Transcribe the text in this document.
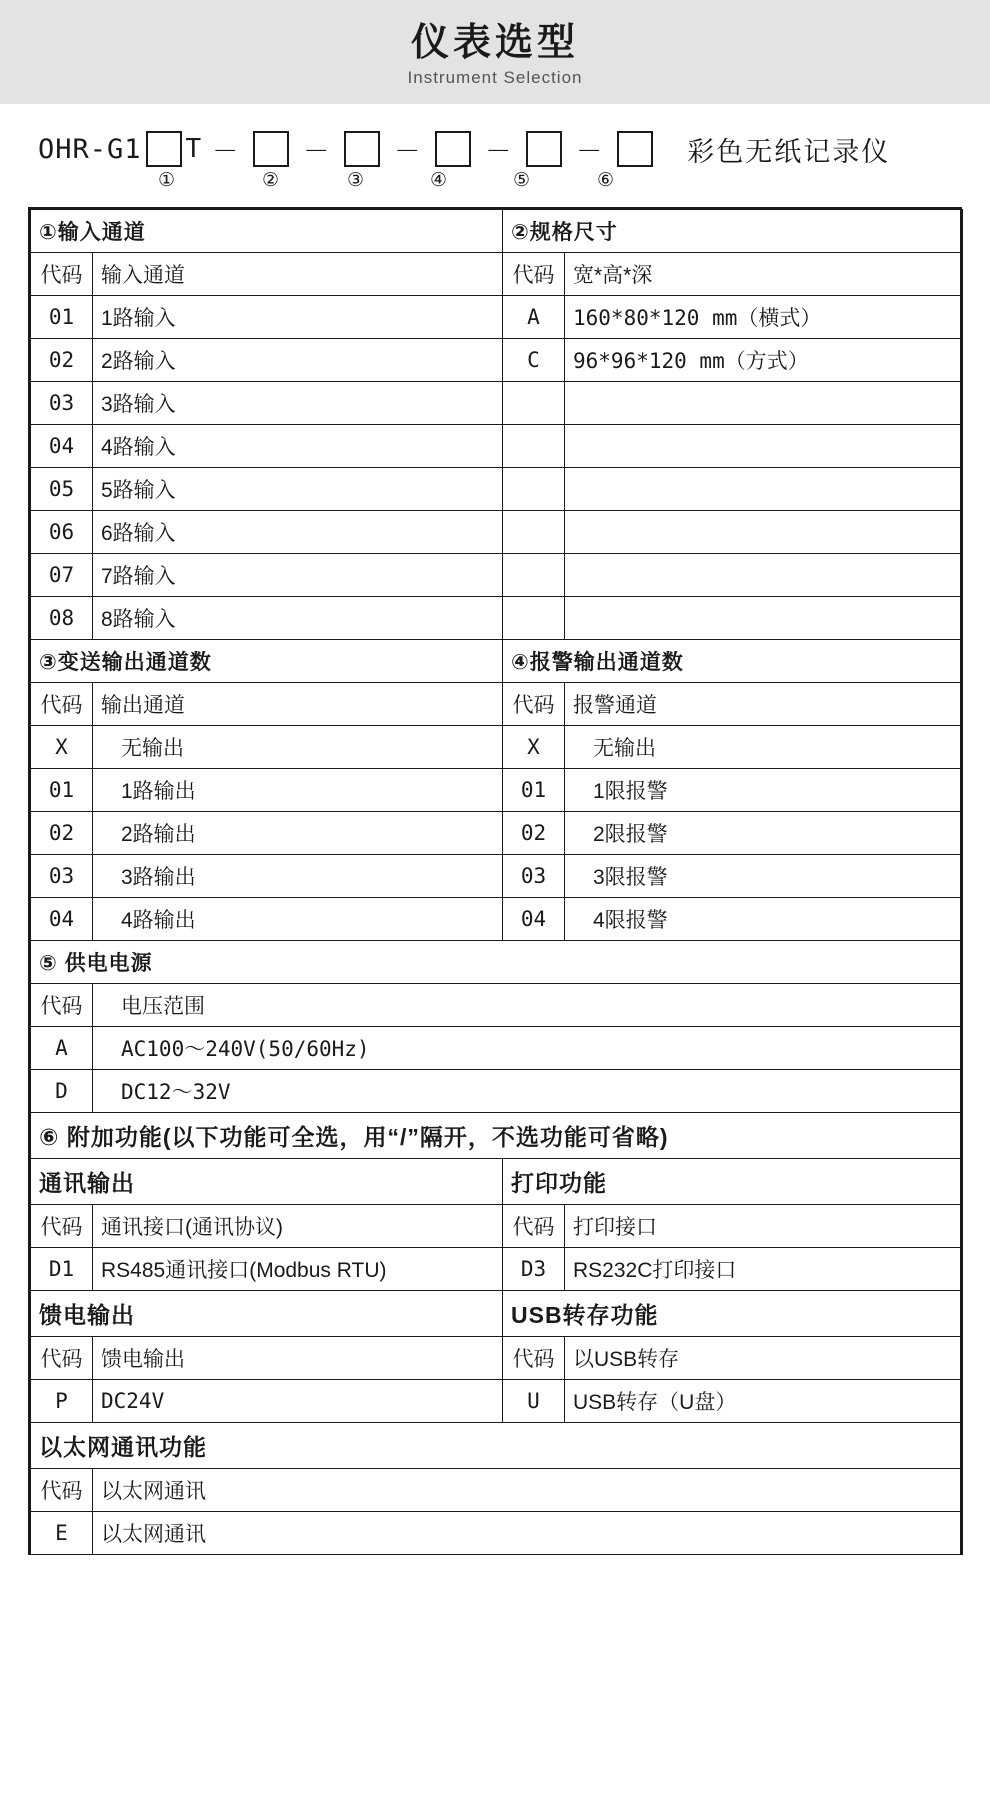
仪表选型
Instrument Selection
OHR-G1 T － － － － －	彩色无纸记录仪
①	②	③	④	⑤	⑥
①输入通道		②规格尺寸	
代码	输入通道	代码	宽*高*深
01	1路输入	A	160*80*120 mm（横式）
02	2路输入	C	96*96*120 mm（方式）
03	3路输入		
04	4路输入		
05	5路输入		
06	6路输入		
07	7路输入		
08	8路输入		
③变送输出通道数		④报警输出通道数	
代码	输出通道	代码	报警通道
X	无输出	X	无输出
01	1路输出	01	1限报警
02	2路输出	02	2限报警
03	3路输出	03	3限报警
04	4路输出	04	4限报警
⑤ 供电电源			
代码	电压范围		
A	AC100～240V(50/60Hz)		
D	DC12～32V		
⑥ 附加功能(以下功能可全选，用“/”隔开，不选功能可省略)			
通讯输出		打印功能	
代码	通讯接口(通讯协议)	代码	打印接口
D1	RS485通讯接口(Modbus RTU)	D3	RS232C打印接口
馈电输出		USB转存功能	
代码	馈电输出	代码	以USB转存
P	DC24V	U	USB转存（U盘）
以太网通讯功能			
代码	以太网通讯		
E	以太网通讯		
